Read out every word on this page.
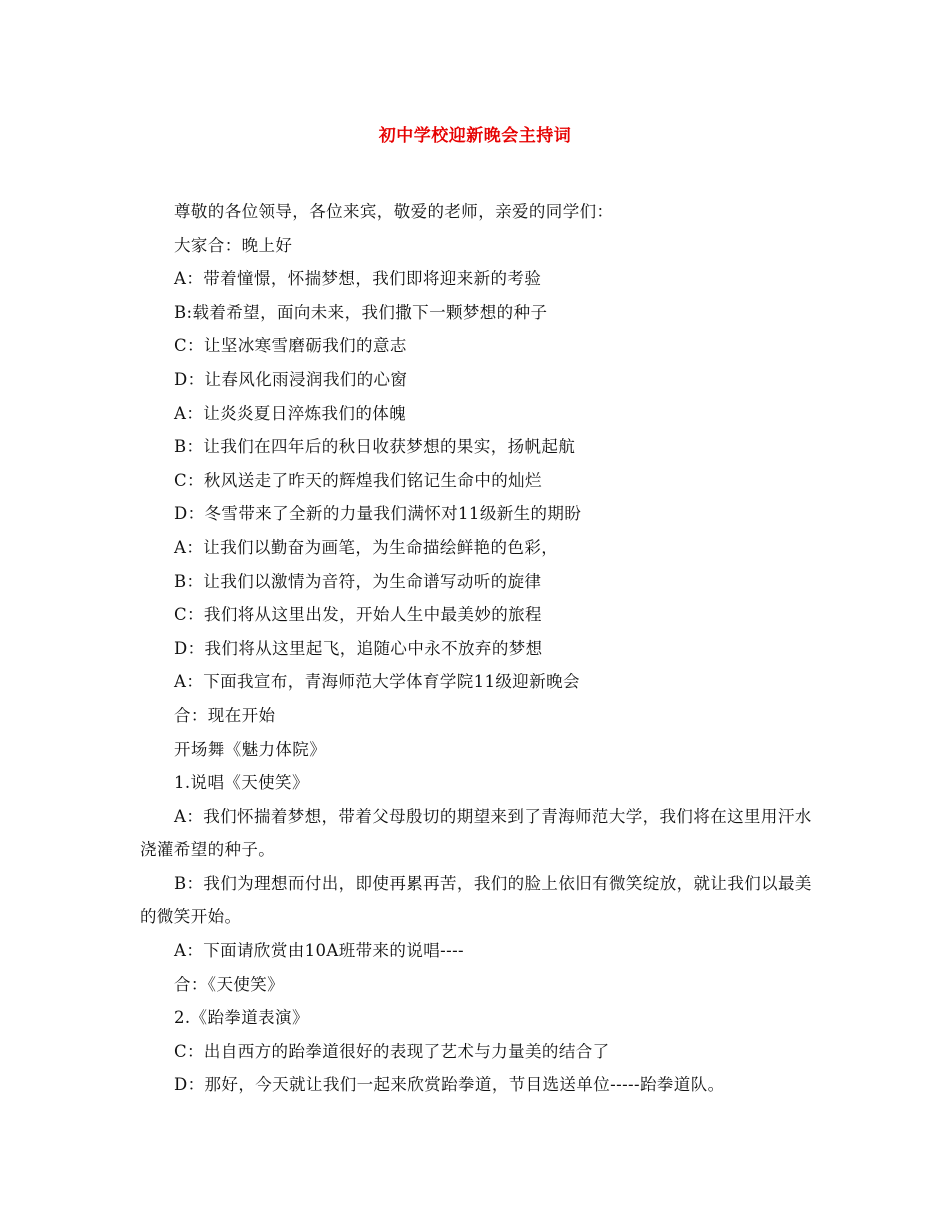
初中学校迎新晚会主持词

尊敬的各位领导，各位来宾，敬爱的老师，亲爱的同学们：

大家合：晚上好

A：带着憧憬，怀揣梦想，我们即将迎来新的考验

B:载着希望，面向未来，我们撒下一颗梦想的种子

C：让坚冰寒雪磨砺我们的意志

D：让春风化雨浸润我们的心窗

A：让炎炎夏日淬炼我们的体魄

B：让我们在四年后的秋日收获梦想的果实，扬帆起航

C：秋风送走了昨天的辉煌我们铭记生命中的灿烂

D：冬雪带来了全新的力量我们满怀对11级新生的期盼

A：让我们以勤奋为画笔，为生命描绘鲜艳的色彩，

B：让我们以激情为音符，为生命谱写动听的旋律

C：我们将从这里出发，开始人生中最美妙的旅程

D：我们将从这里起飞，追随心中永不放弃的梦想

A：下面我宣布，青海师范大学体育学院11级迎新晚会

合：现在开始

开场舞《魅力体院》

1.说唱《天使笑》

A：我们怀揣着梦想，带着父母殷切的期望来到了青海师范大学，我们将在这里用汗水浇灌希望的种子。

B：我们为理想而付出，即使再累再苦，我们的脸上依旧有微笑绽放，就让我们以最美的微笑开始。

A：下面请欣赏由10A班带来的说唱----

合：《天使笑》

2.《跆拳道表演》

C：出自西方的跆拳道很好的表现了艺术与力量美的结合了

D：那好，今天就让我们一起来欣赏跆拳道，节目选送单位-----跆拳道队。
